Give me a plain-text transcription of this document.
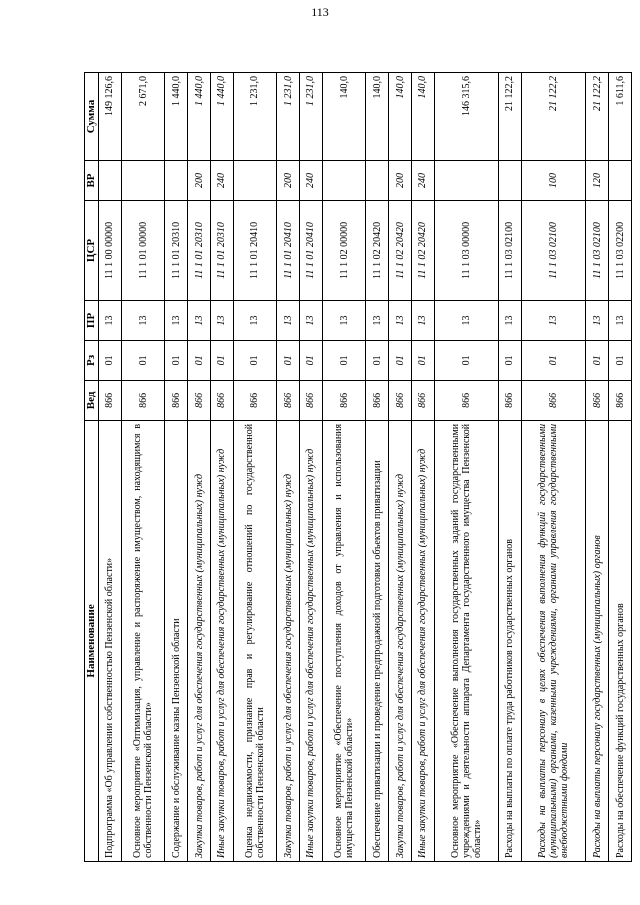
113
Наименование	Вед	Рз	ПР	ЦСР	ВР	Сумма
Подпрограмма «Об управлении собственностью Пензенской области»	866	01	13	11 1 00 00000		149 126,6
Основное мероприятие «Оптимизация, управление и распоряжение имуществом, находящимся в собственности Пензенской области»	866	01	13	11 1 01 00000		2 671,0
Содержание и обслуживание казны Пензенской области	866	01	13	11 1 01 20310		1 440,0
Закупка товаров, работ и услуг для обеспечения государственных (муниципальных) нужд	866	01	13	11 1 01 20310	200	1 440,0
Иные закупки товаров, работ и услуг для обеспечения государственных (муниципальных) нужд	866	01	13	11 1 01 20310	240	1 440,0
Оценка недвижимости, признание прав и регулирование отношений по государственной собственности Пензенской области	866	01	13	11 1 01 20410		1 231,0
Закупка товаров, работ и услуг для обеспечения государственных (муниципальных) нужд	866	01	13	11 1 01 20410	200	1 231,0
Иные закупки товаров, работ и услуг для обеспечения государственных (муниципальных) нужд	866	01	13	11 1 01 20410	240	1 231,0
Основное мероприятие «Обеспечение поступления доходов от управления и использования имущества Пензенской области»	866	01	13	11 1 02 00000		140,0
Обеспечение приватизации и проведение предпродажной подготовки объектов приватизации	866	01	13	11 1 02 20420		140,0
Закупка товаров, работ и услуг для обеспечения государственных (муниципальных) нужд	866	01	13	11 1 02 20420	200	140,0
Иные закупки товаров, работ и услуг для обеспечения государственных (муниципальных) нужд	866	01	13	11 1 02 20420	240	140,0
Основное мероприятие «Обеспечение выполнения государственных заданий государственными учреждениями и деятельности аппарата Департамента государственного имущества Пензенской области»	866	01	13	11 1 03 00000		146 315,6
Расходы на выплаты по оплате труда работников государственных органов	866	01	13	11 1 03 02100		21 122,2
Расходы на выплаты персоналу в целях обеспечения выполнения функций государственными (муниципальными) органами, казенными учреждениями, органами управления государственными внебюджетными фондами	866	01	13	11 1 03 02100	100	21 122,2
Расходы на выплаты персоналу государственных (муниципальных) органов	866	01	13	11 1 03 02100	120	21 122,2
Расходы на обеспечение функций государственных органов	866	01	13	11 1 03 02200		1 611,6
